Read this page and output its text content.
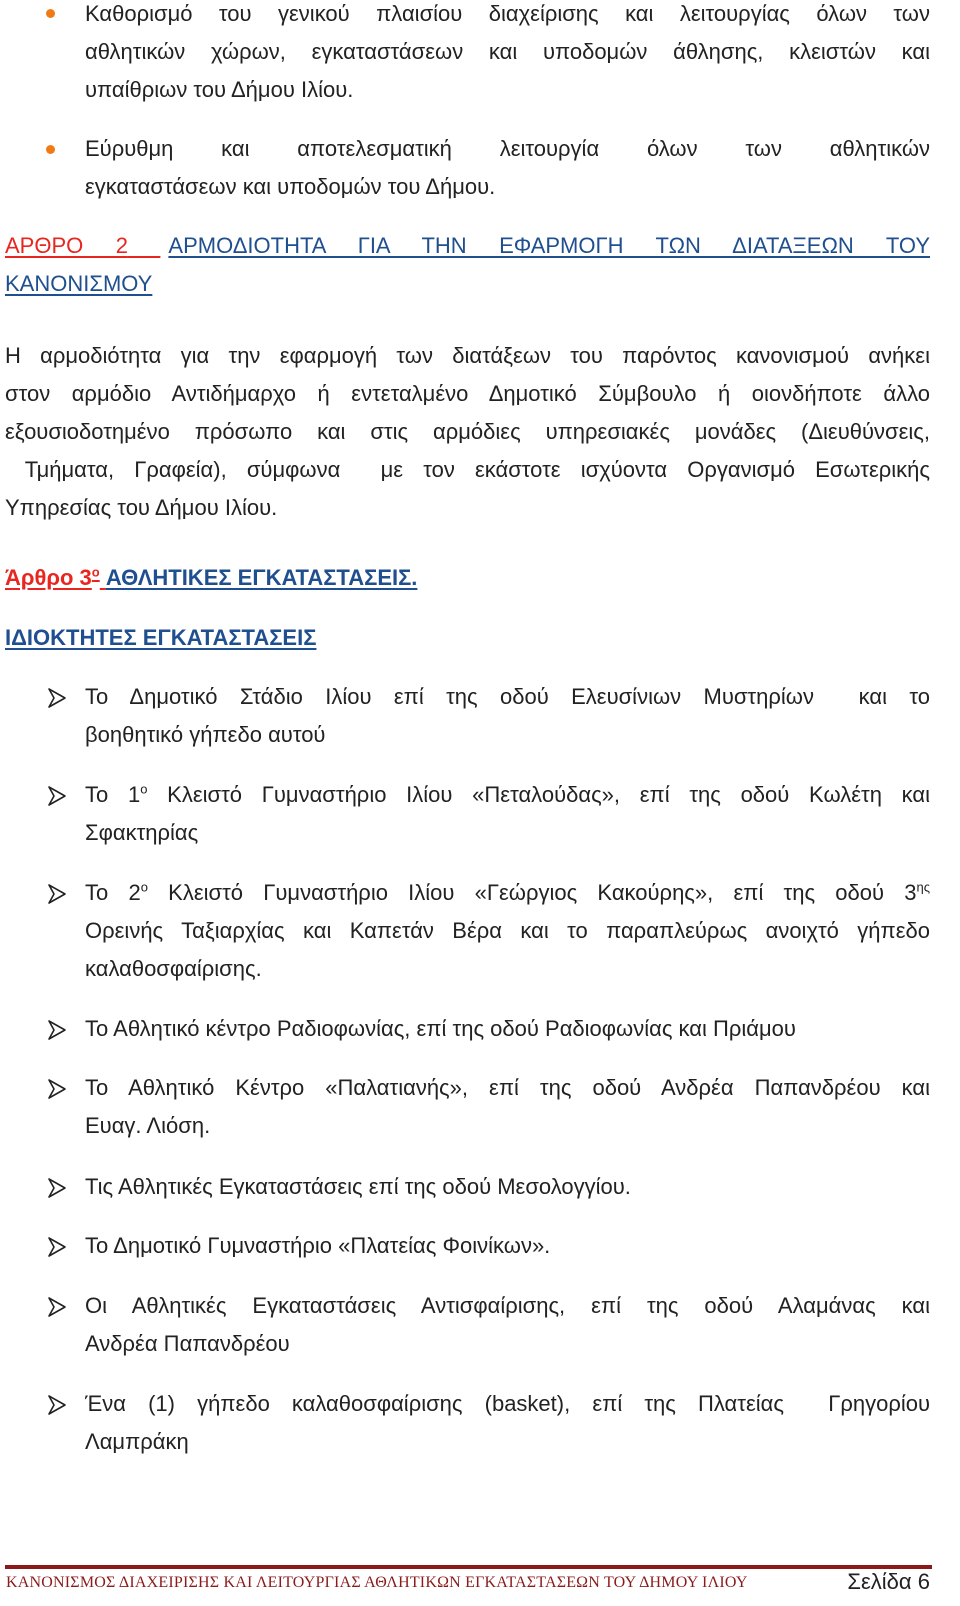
Καθορισμό του γενικού πλαισίου διαχείρισης και λειτουργίας όλων των
αθλητικών χώρων, εγκαταστάσεων και υποδομών άθλησης, κλειστών και
υπαίθριων του Δήμου Ιλίου.
Εύρυθμη και αποτελεσματική λειτουργία όλων των αθλητικών
εγκαταστάσεων και υποδομών του Δήμου.
ΑΡΘΡΟ 2 ΑΡΜΟΔΙΟΤΗΤΑ ΓΙΑ ΤΗΝ ΕΦΑΡΜΟΓΗ ΤΩΝ ΔΙΑΤΑΞΕΩΝ ΤΟΥ
ΚΑΝΟΝΙΣΜΟΥ
Η αρμοδιότητα για την εφαρμογή των διατάξεων του παρόντος κανονισμού ανήκει
στον αρμόδιο Αντιδήμαρχο ή εντεταλμένο Δημοτικό Σύμβουλο ή οιονδήποτε άλλο
εξουσιοδοτημένο πρόσωπο και στις αρμόδιες υπηρεσιακές μονάδες (Διευθύνσεις,
Τμήματα, Γραφεία), σύμφωνα  με τον εκάστοτε ισχύοντα Οργανισμό Εσωτερικής
Υπηρεσίας του Δήμου Ιλίου.
Άρθρο $3^o$ ΑΘΛΗΤΙΚΕΣ ΕΓΚΑΤΑΣΤΑΣΕΙΣ.
ΙΔΙΟΚΤΗΤΕΣ ΕΓΚΑΤΑΣΤΑΣΕΙΣ
Το Δημοτικό Στάδιο Ιλίου επί της οδού Ελευσίνιων Μυστηρίων  και το
βοηθητικό γήπεδο αυτού
Το $1^o$ Κλειστό Γυμναστήριο Ιλίου «Πεταλούδας», επί της οδού Κωλέτη και
Σφακτηρίας
Το $2^o$ Κλειστό Γυμναστήριο Ιλίου «Γεώργιος Κακούρης», επί της οδού $3^{\eta\varsigma}$
Ορεινής Ταξιαρχίας και Καπετάν Βέρα και το παραπλεύρως ανοιχτό γήπεδο
καλαθοσφαίρισης.
Το Αθλητικό κέντρο Ραδιοφωνίας, επί της οδού Ραδιοφωνίας και Πριάμου
Το Αθλητικό Κέντρο «Παλατιανής», επί της οδού Ανδρέα Παπανδρέου και
Ευαγ. Λιόση.
Τις Αθλητικές Εγκαταστάσεις επί της οδού Μεσολογγίου.
Το Δημοτικό Γυμναστήριο «Πλατείας Φοινίκων».
Οι Αθλητικές Εγκαταστάσεις Αντισφαίρισης, επί της οδού Αλαμάνας και
Ανδρέα Παπανδρέου
Ένα (1) γήπεδο καλαθοσφαίρισης (basket), επί της Πλατείας  Γρηγορίου
Λαμπράκη
ΚΑΝΟΝΙΣΜΟΣ ΔΙΑΧΕΙΡΙΣΗΣ ΚΑΙ ΛΕΙΤΟΥΡΓΙΑΣ ΑΘΛΗΤΙΚΩΝ ΕΓΚΑΤΑΣΤΑΣΕΩΝ ΤΟΥ ΔΗΜΟΥ ΙΛΙΟΥ	Σελίδα 6
